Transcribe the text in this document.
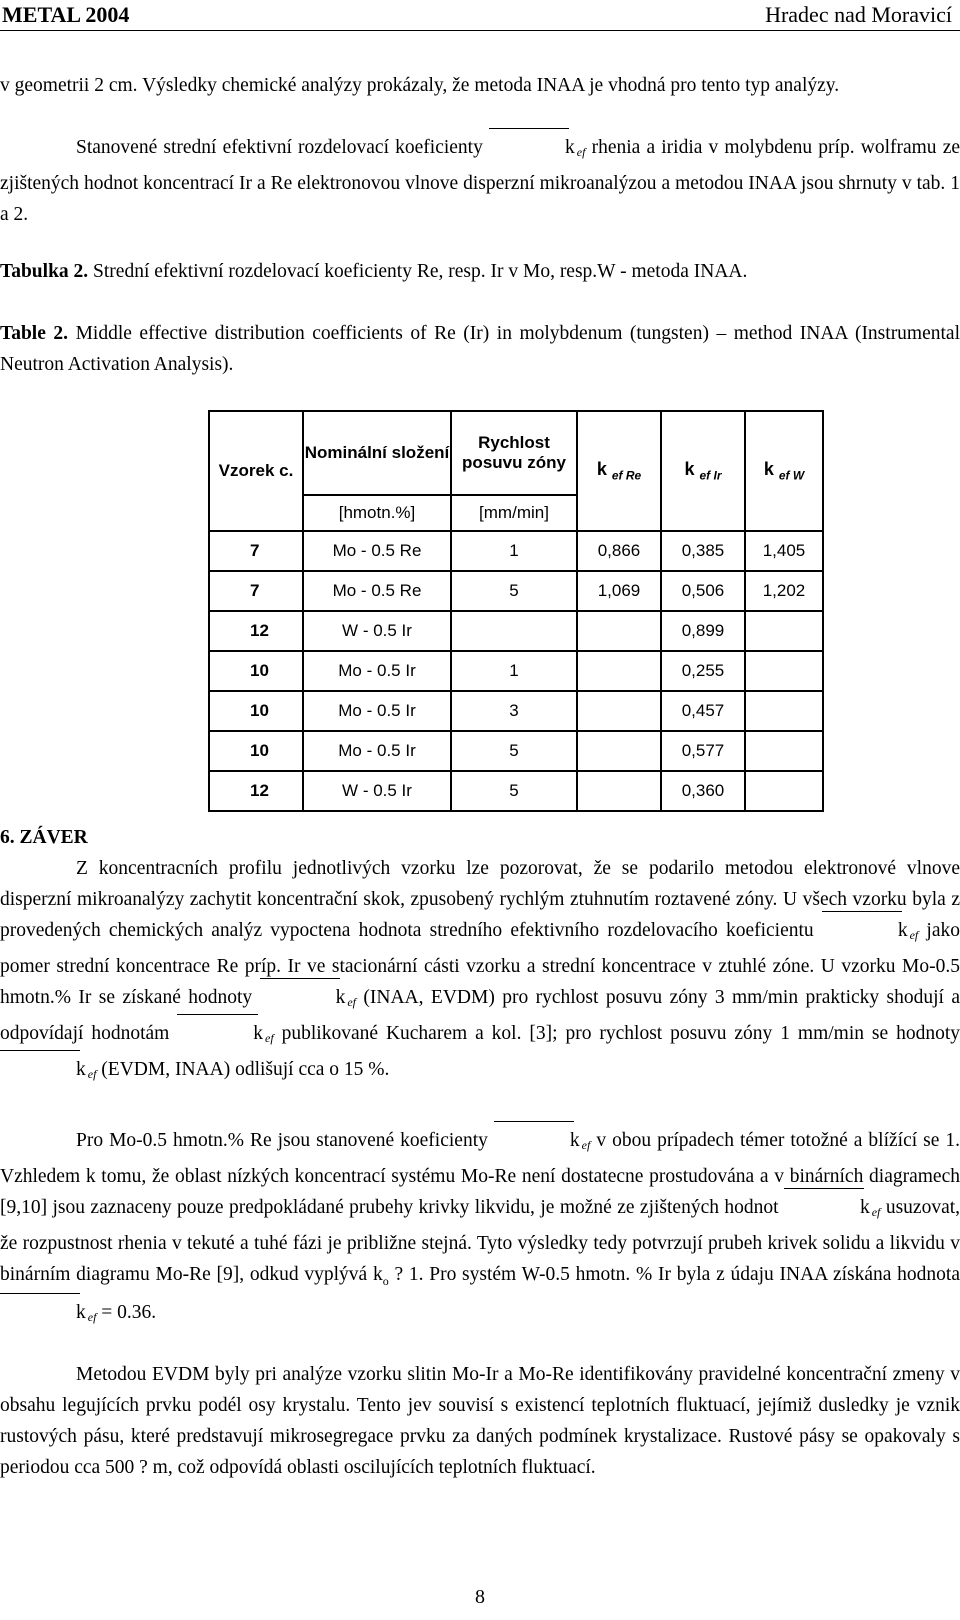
METAL 2004	Hradec nad Moravicí

v geometrii 2 cm. Výsledky chemické analýzy prokázaly, že metoda INAA je vhodná pro tento typ analýzy.

Stanovené strední efektivní rozdelovací koeficienty	k $_{ef}$ rhenia a iridia v molybdenu príp. wolframu ze zjištených hodnot koncentrací Ir a Re elektronovou vlnove disperzní mikroanalýzou a metodou INAA jsou shrnuty v tab. 1 a 2.

Tabulka 2. Strední efektivní rozdelovací koeficienty Re, resp. Ir v Mo, resp.W - metoda INAA.

Table 2. Middle effective distribution coefficients of Re (Ir) in molybdenum (tungsten) – method INAA (Instrumental Neutron Activation Analysis).

Vzorek c.	Nominální složení	Rychlost posuvu zóny	k $_{ef Re}$	k $_{ef Ir}$	k $_{ef W}$
	[hmotn.%]	[mm/min]			
7	Mo - 0.5 Re	1	0,866	0,385	1,405
7	Mo - 0.5 Re	5	1,069	0,506	1,202
12	W - 0.5 Ir			0,899	
10	Mo - 0.5 Ir	1		0,255	
10	Mo - 0.5 Ir	3		0,457	
10	Mo - 0.5 Ir	5		0,577	
12	W - 0.5 Ir	5		0,360	
6. ZÁVER

Z koncentracních profilu jednotlivých vzorku lze pozorovat, že se podarilo metodou elektronové vlnove disperzní mikroanalýzy zachytit koncentrační skok, zpusobený rychlým ztuhnutím roztavené zóny. U všech vzorku byla z provedených chemických analýz vypoctena hodnota stredního efektivního rozdelovacího koeficientu	k $_{ef}$ jako pomer strední koncentrace Re príp. Ir ve stacionární cásti vzorku a strední koncentrace v ztuhlé zóne. U vzorku Mo-0.5 hmotn.% Ir se získané hodnoty	k $_{ef}$ (INAA, EVDM) pro rychlost posuvu zóny 3 mm/min prakticky shodují a odpovídají hodnotám	k $_{ef}$ publikované Kucharem a kol. [3]; pro rychlost posuvu zóny 1 mm/min se hodnoty k $_{ef}$ (EVDM, INAA) odlišují cca o 15 %.

Pro Mo-0.5 hmotn.% Re jsou stanovené koeficienty	k $_{ef}$ v obou prípadech témer totožné a blížící se 1. Vzhledem k tomu, že oblast nízkých koncentrací systému Mo-Re není dostatecne prostudována a v binárních diagramech [9,10] jsou zaznaceny pouze predpokládané prubehy krivky likvidu, je možné ze zjištených hodnot	k $_{ef}$ usuzovat, že rozpustnost rhenia v tekuté a tuhé fázi je približne stejná. Tyto výsledky tedy potvrzují prubeh krivek solidu a likvidu v binárním diagramu Mo-Re [9], odkud vyplývá $k_o$ ? 1. Pro systém W-0.5 hmotn. % Ir byla z údaju INAA získána hodnota k $_{ef}$ = 0.36.

Metodou EVDM byly pri analýze vzorku slitin Mo-Ir a Mo-Re identifikovány pravidelné koncentrační zmeny v obsahu legujících prvku podél osy krystalu. Tento jev souvisí s existencí teplotních fluktuací, jejímiž dusledky je vznik rustových pásu, které predstavují mikrosegregace prvku za daných podmínek krystalizace. Rustové pásy se opakovaly s periodou cca 500 ? m, což odpovídá oblasti oscilujících teplotních fluktuací.

8
